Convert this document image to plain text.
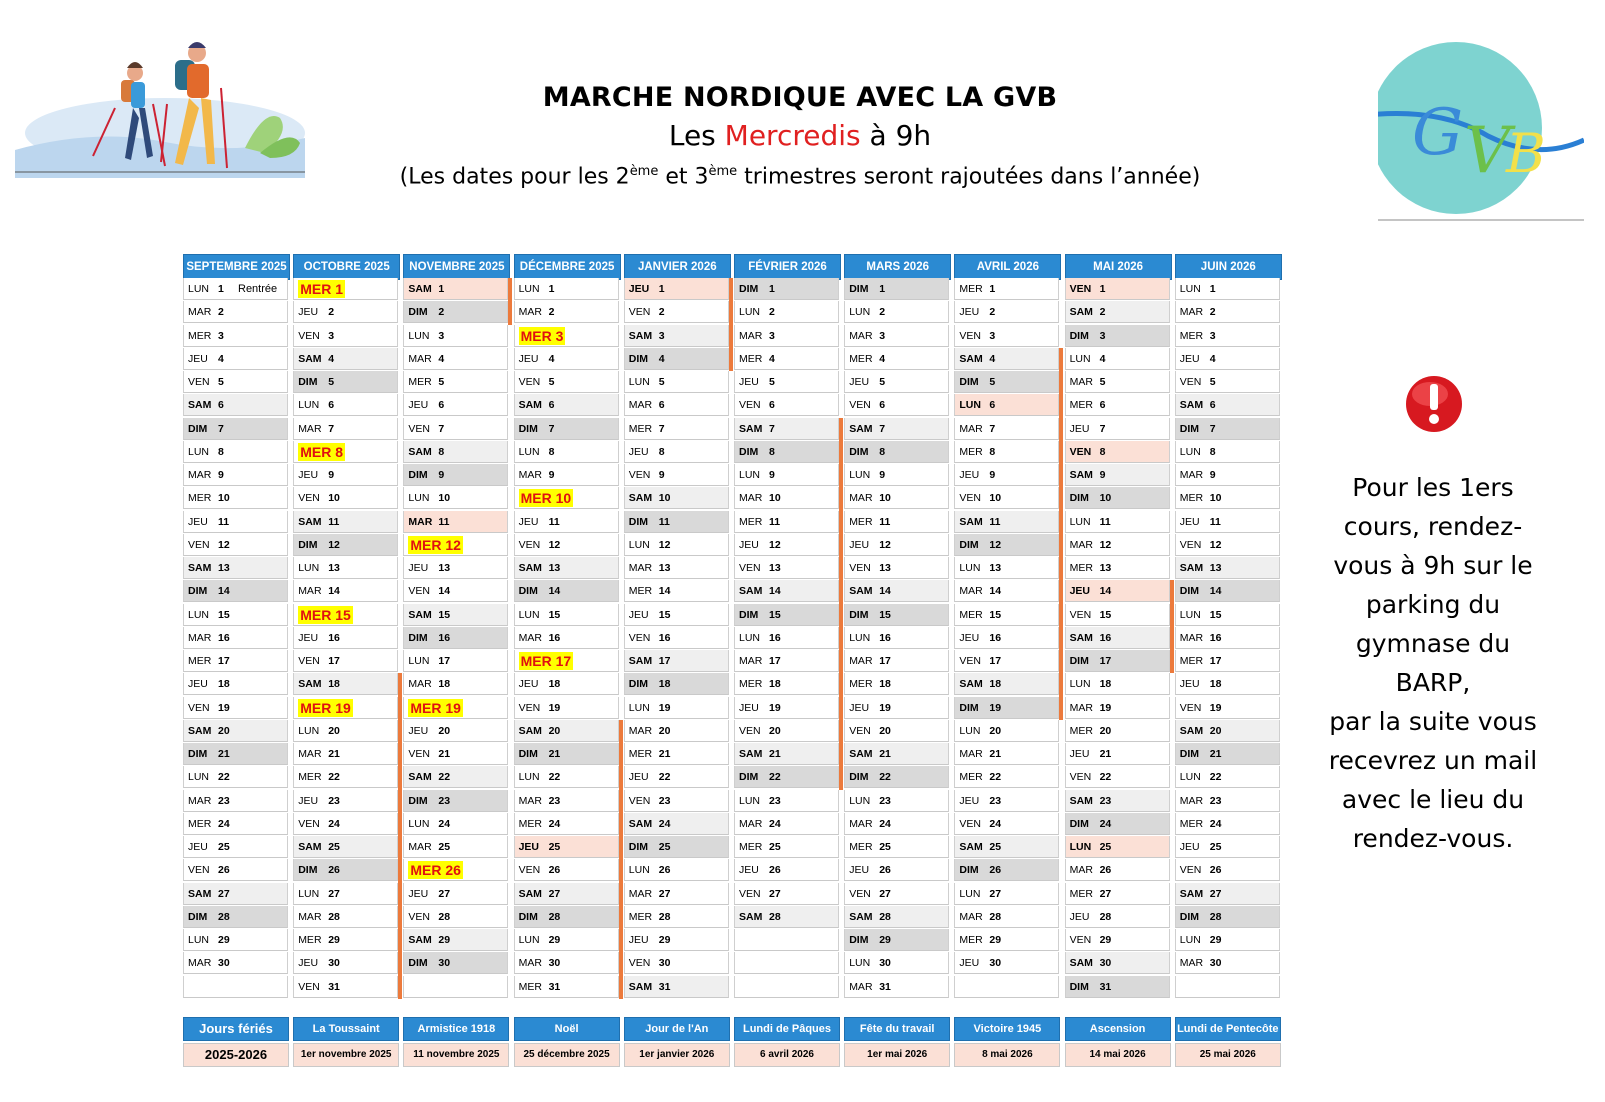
G V
B
MARCHE NORDIQUE AVEC LA GVB
Les Mercredis à 9h
(Les dates pour les 2ème et 3ème trimestres seront rajoutées dans l’année)
SEPTEMBRE 2025
LUN 1 Rentrée
MAR 2
MER 3
JEU 4
VEN 5
SAM 6
DIM 7
LUN 8
MAR 9
MER 10
JEU 11
VEN 12
SAM 13
DIM 14
LUN 15
MAR 16
MER 17
JEU 18
VEN 19
SAM 20
DIM 21
LUN 22
MAR 23
MER 24
JEU 25
VEN 26
SAM 27
DIM 28
LUN 29
MAR 30
OCTOBRE 2025
MER 1
JEU 2
VEN 3
SAM 4
DIM 5
LUN 6
MAR 7
MER 8
JEU 9
VEN 10
SAM 11
DIM 12
LUN 13
MAR 14
MER 15
JEU 16
VEN 17
SAM 18
MER 19
LUN 20
MAR 21
MER 22
JEU 23
VEN 24
SAM 25
DIM 26
LUN 27
MAR 28
MER 29
JEU 30
VEN 31
NOVEMBRE 2025
SAM 1
DIM 2
LUN 3
MAR 4
MER 5
JEU 6
VEN 7
SAM 8
DIM 9
LUN 10
MAR 11
MER 12
JEU 13
VEN 14
SAM 15
DIM 16
LUN 17
MAR 18
MER 19
JEU 20
VEN 21
SAM 22
DIM 23
LUN 24
MAR 25
MER 26
JEU 27
VEN 28
SAM 29
DIM 30
DÉCEMBRE 2025
LUN 1
MAR 2
MER 3
JEU 4
VEN 5
SAM 6
DIM 7
LUN 8
MAR 9
MER 10
JEU 11
VEN 12
SAM 13
DIM 14
LUN 15
MAR 16
MER 17
JEU 18
VEN 19
SAM 20
DIM 21
LUN 22
MAR 23
MER 24
JEU 25
VEN 26
SAM 27
DIM 28
LUN 29
MAR 30
MER 31
JANVIER 2026
JEU 1
VEN 2
SAM 3
DIM 4
LUN 5
MAR 6
MER 7
JEU 8
VEN 9
SAM 10
DIM 11
LUN 12
MAR 13
MER 14
JEU 15
VEN 16
SAM 17
DIM 18
LUN 19
MAR 20
MER 21
JEU 22
VEN 23
SAM 24
DIM 25
LUN 26
MAR 27
MER 28
JEU 29
VEN 30
SAM 31
FÉVRIER 2026
DIM 1
LUN 2
MAR 3
MER 4
JEU 5
VEN 6
SAM 7
DIM 8
LUN 9
MAR 10
MER 11
JEU 12
VEN 13
SAM 14
DIM 15
LUN 16
MAR 17
MER 18
JEU 19
VEN 20
SAM 21
DIM 22
LUN 23
MAR 24
MER 25
JEU 26
VEN 27
SAM 28
MARS 2026
DIM 1
LUN 2
MAR 3
MER 4
JEU 5
VEN 6
SAM 7
DIM 8
LUN 9
MAR 10
MER 11
JEU 12
VEN 13
SAM 14
DIM 15
LUN 16
MAR 17
MER 18
JEU 19
VEN 20
SAM 21
DIM 22
LUN 23
MAR 24
MER 25
JEU 26
VEN 27
SAM 28
DIM 29
LUN 30
MAR 31
AVRIL 2026
MER 1
JEU 2
VEN 3
SAM 4
DIM 5
LUN 6
MAR 7
MER 8
JEU 9
VEN 10
SAM 11
DIM 12
LUN 13
MAR 14
MER 15
JEU 16
VEN 17
SAM 18
DIM 19
LUN 20
MAR 21
MER 22
JEU 23
VEN 24
SAM 25
DIM 26
LUN 27
MAR 28
MER 29
JEU 30
MAI 2026
VEN 1
SAM 2
DIM 3
LUN 4
MAR 5
MER 6
JEU 7
VEN 8
SAM 9
DIM 10
LUN 11
MAR 12
MER 13
JEU 14
VEN 15
SAM 16
DIM 17
LUN 18
MAR 19
MER 20
JEU 21
VEN 22
SAM 23
DIM 24
LUN 25
MAR 26
MER 27
JEU 28
VEN 29
SAM 30
DIM 31
JUIN 2026
LUN 1
MAR 2
MER 3
JEU 4
VEN 5
SAM 6
DIM 7
LUN 8
MAR 9
MER 10
JEU 11
VEN 12
SAM 13
DIM 14
LUN 15
MAR 16
MER 17
JEU 18
VEN 19
SAM 20
DIM 21
LUN 22
MAR 23
MER 24
JEU 25
VEN 26
SAM 27
DIM 28
LUN 29
MAR 30
Jours fériés
2025-2026
La Toussaint
1er novembre 2025
Armistice 1918
11 novembre 2025
Noël
25 décembre 2025
Jour de l'An
1er janvier 2026
Lundi de Pâques
6 avril 2026
Fête du travail
1er mai 2026
Victoire 1945
8 mai 2026
Ascension
14 mai 2026
Lundi de Pentecôte
25 mai 2026
Pour les 1ers
cours, rendez-
vous à 9h sur le
parking du
gymnase du
BARP,
par la suite vous
recevrez un mail
avec le lieu du
rendez-vous.
